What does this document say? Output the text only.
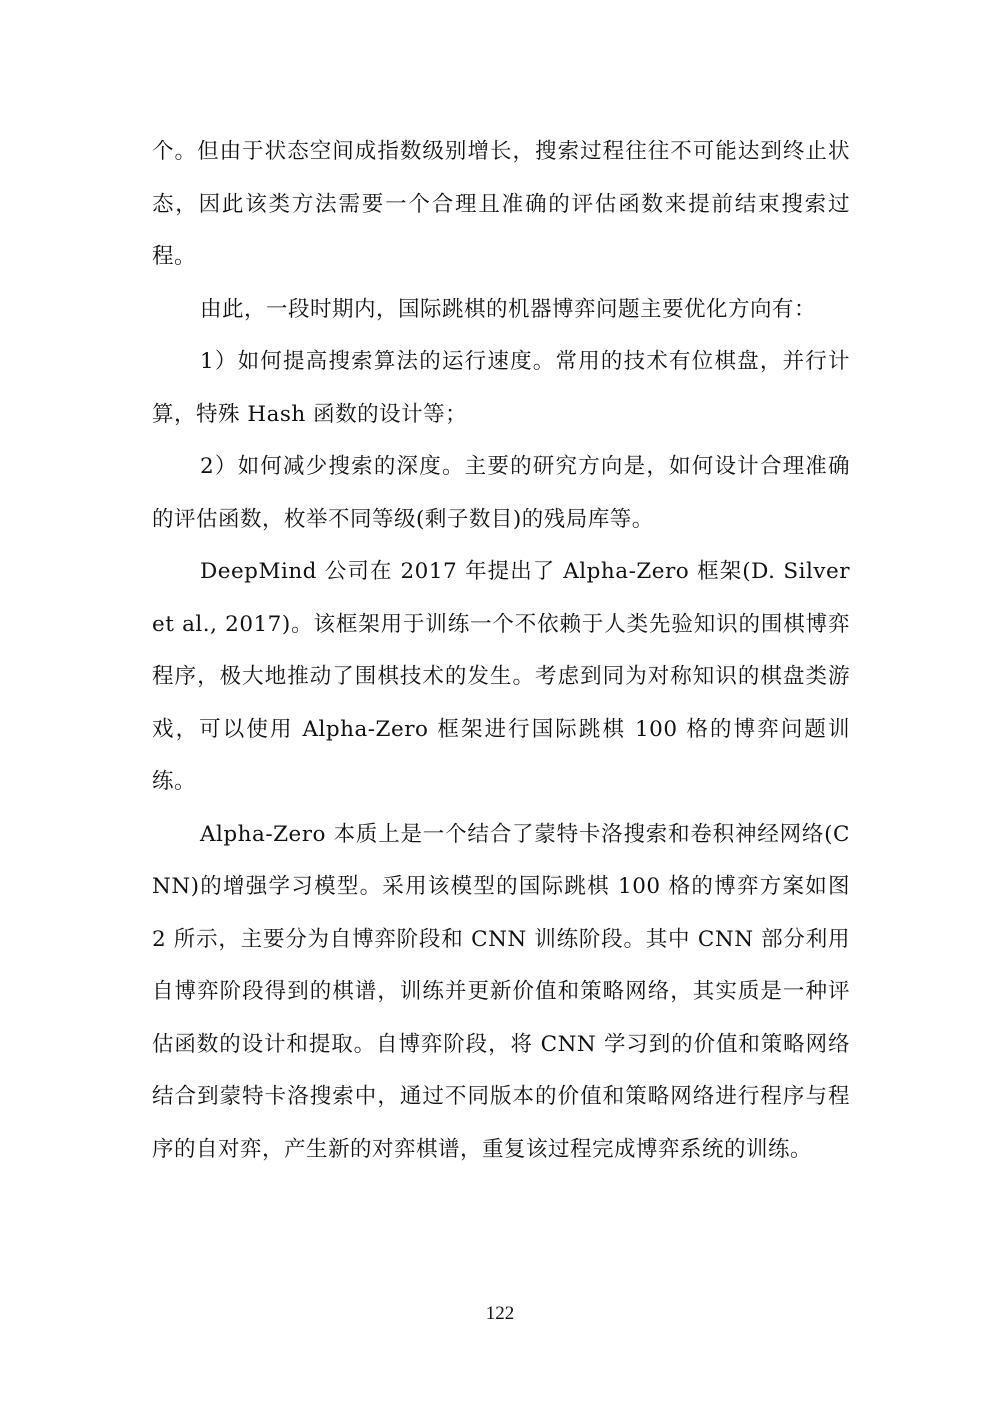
个。但由于状态空间成指数级别增长，搜索过程往往不可能达到终止状态，因此该类方法需要一个合理且准确的评估函数来提前结束搜索过程。

由此，一段时期内，国际跳棋的机器博弈问题主要优化方向有：

1）如何提高搜索算法的运行速度。常用的技术有位棋盘，并行计算，特殊 Hash 函数的设计等；

2）如何减少搜索的深度。主要的研究方向是，如何设计合理准确的评估函数，枚举不同等级(剩子数目)的残局库等。

DeepMind 公司在 2017 年提出了 Alpha-Zero 框架(D. Silver et al., 2017)。该框架用于训练一个不依赖于人类先验知识的围棋博弈程序，极大地推动了围棋技术的发生。考虑到同为对称知识的棋盘类游戏，可以使用 Alpha-Zero 框架进行国际跳棋 100 格的博弈问题训练。

Alpha-Zero 本质上是一个结合了蒙特卡洛搜索和卷积神经网络(CNN)的增强学习模型。采用该模型的国际跳棋 100 格的博弈方案如图 2 所示，主要分为自博弈阶段和 CNN 训练阶段。其中 CNN 部分利用自博弈阶段得到的棋谱，训练并更新价值和策略网络，其实质是一种评估函数的设计和提取。自博弈阶段，将 CNN 学习到的价值和策略网络结合到蒙特卡洛搜索中，通过不同版本的价值和策略网络进行程序与程序的自对弈，产生新的对弈棋谱，重复该过程完成博弈系统的训练。

122
